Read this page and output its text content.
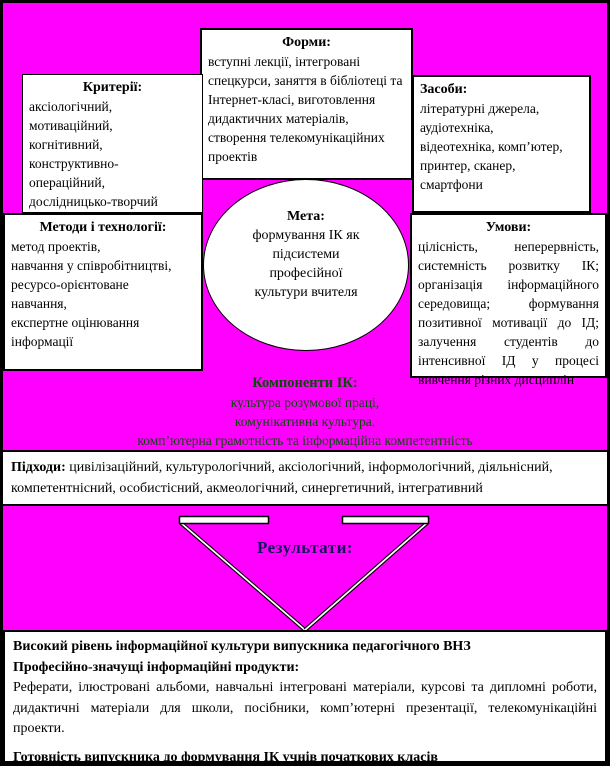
Форми:
вступні лекції, інтегровані спецкурси, заняття в бібліотеці та Інтернет-класі, виготовлення дидактичних матеріалів, створення телекомунікаційних проектів
Критерії:
аксіологічний,
мотиваційний,
когнітивний,
конструктивно-
операційний,
дослідницько-творчий
Засоби:
літературні джерела,
аудіотехніка,
відеотехніка, комп’ютер,
принтер, сканер,
смартфони
Методи і технології:
метод проектів,
навчання у співробітництві,
ресурсо-орієнтоване
навчання,
експертне оцінювання
інформації
Умови:
цілісність, неперервність, системність розвитку ІК; організація інформаційного середовища; формування позитивної мотивації до ІД; залучення студентів до інтенсивної ІД у процесі вивчення різних дисциплін
Мета:
формування ІК як
підсистеми
професійної
культури вчителя
Компоненти ІК:
культура розумової праці,
комунікативна культура,
комп’ютерна грамотність та інформаційна компетентність
Підходи: цивілізаційний, культурологічний, аксіологічний, інформологічний, діяльнісний, компетентнісний, особистісний, акмеологічний, синергетичний, інтегративний
Результати:
Високий рівень інформаційної культури випускника педагогічного ВНЗ
Професійно-значущі інформаційні продукти:
Реферати, ілюстровані альбоми, навчальні інтегровані матеріали, курсові та дипломні роботи, дидактичні матеріали для школи, посібники, комп’ютерні презентації, телекомунікаційні проекти.
Готовність випускника до формування ІК учнів початкових класів
